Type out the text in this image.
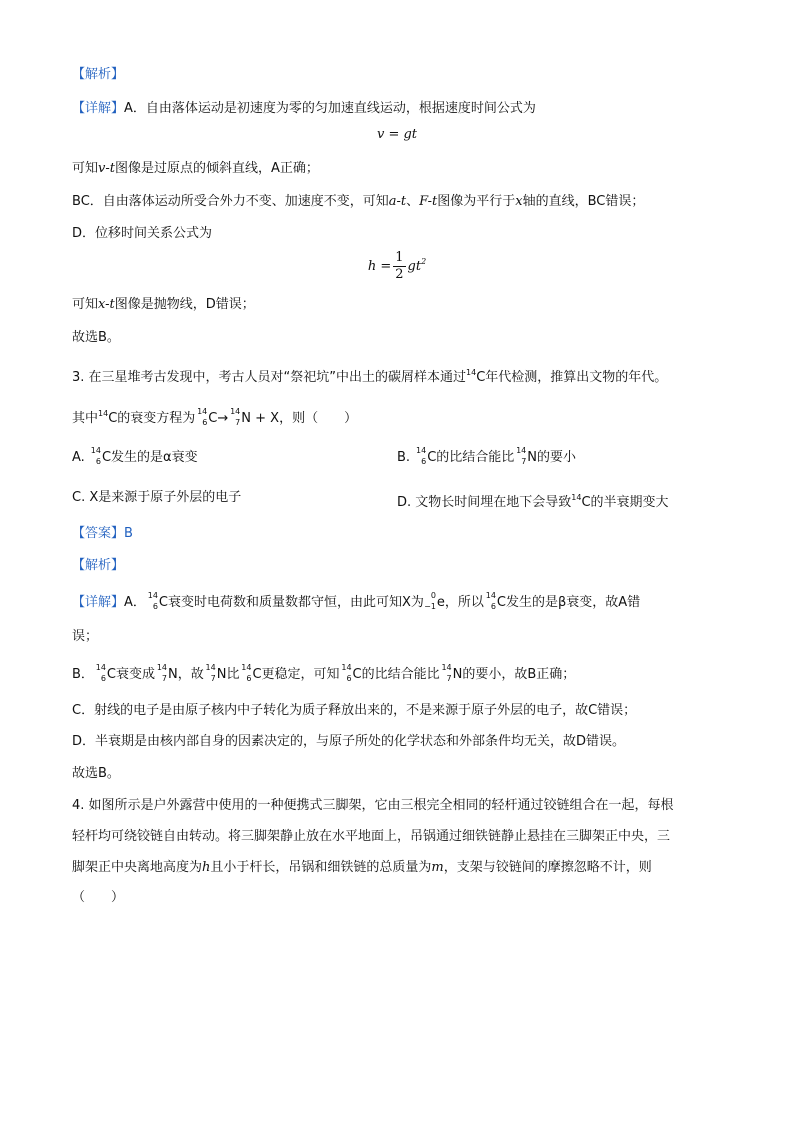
【解析】
【详解】A．自由落体运动是初速度为零的匀加速直线运动，根据速度时间公式为
v = gt
可知v-t图像是过原点的倾斜直线，A正确；
BC．自由落体运动所受合外力不变、加速度不变，可知a-t、F-t图像为平行于x轴的直线，BC错误；
D．位移时间关系公式为
$h = \frac{1}{2} gt^2$
可知x-t图像是抛物线，D错误；
故选B。
3. 在三星堆考古发现中，考古人员对“祭祀坑”中出土的碳屑样本通过$^{14}$C年代检测，推算出文物的年代。
其中$^{14}$C的衰变方程为 14
6 C→ 14
7 N + X，则（　　）
A. 14
6 C发生的是α衰变	B. 14
6 C的比结合能比 14
7 N的要小
C. X是来源于原子外层的电子	D. 文物长时间埋在地下会导致$^{14}$C的半衰期变大
【答案】B
【解析】
【详解】A． 14
6 C衰变时电荷数和质量数都守恒，由此可知X为 0
−1 e，所以 14
6 C发生的是β衰变，故A错
误；
B． 14
6 C衰变成 14
7 N，故 14
7 N比 14
6 C更稳定，可知 14
6 C的比结合能比 14
7 N的要小，故B正确；
C．射线的电子是由原子核内中子转化为质子释放出来的，不是来源于原子外层的电子，故C错误；
D．半衰期是由核内部自身的因素决定的，与原子所处的化学状态和外部条件均无关，故D错误。
故选B。
4. 如图所示是户外露营中使用的一种便携式三脚架，它由三根完全相同的轻杆通过铰链组合在一起，每根
轻杆均可绕铰链自由转动。将三脚架静止放在水平地面上，吊锅通过细铁链静止悬挂在三脚架正中央，三
脚架正中央离地高度为h且小于杆长，吊锅和细铁链的总质量为m，支架与铰链间的摩擦忽略不计，则
（　　）
